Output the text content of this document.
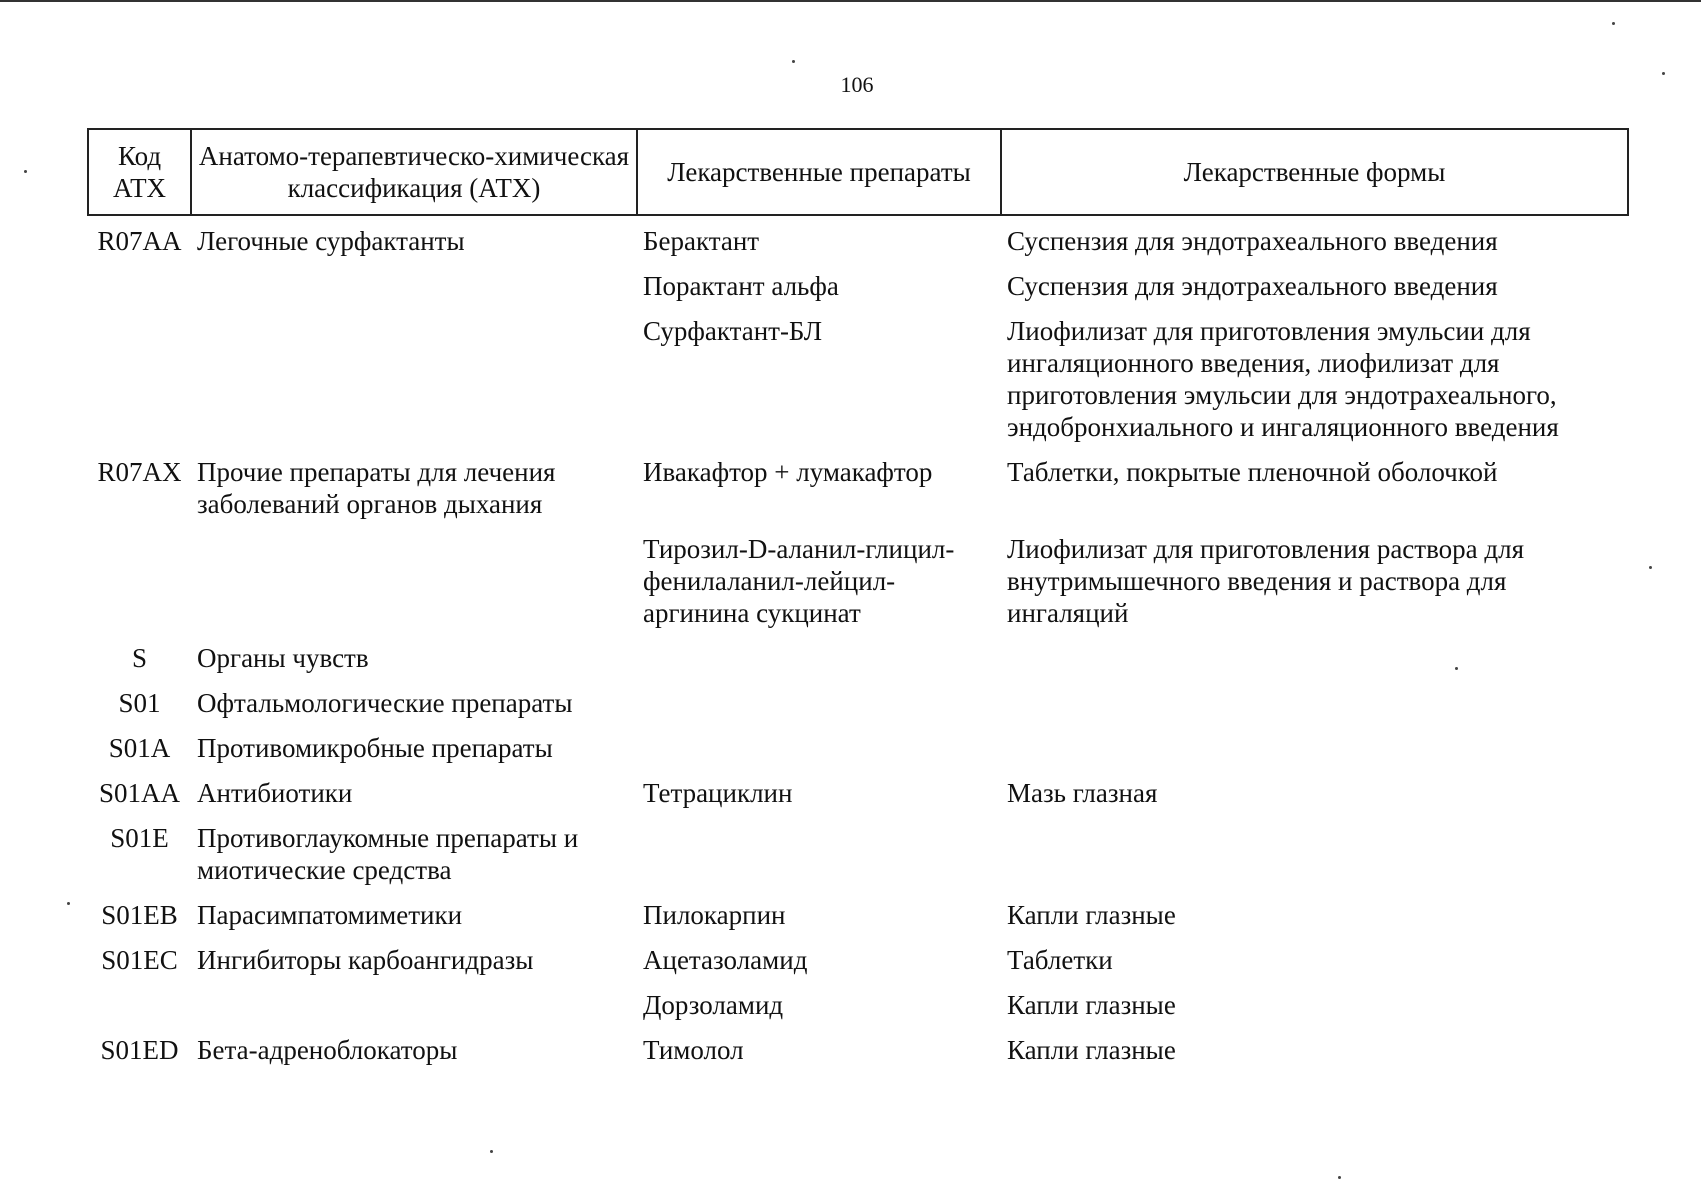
106
Код АТХ	Анатомо-терапевтическо-химическая классификация (АТХ)	Лекарственные препараты	Лекарственные формы
R07AA	Легочные сурфактанты	Берактант	Суспензия для эндотрахеального введения
		Порактант альфа	Суспензия для эндотрахеального введения
		Сурфактант-БЛ	Лиофилизат для приготовления эмульсии для ингаляционного введения, лиофилизат для приготовления эмульсии для эндотрахеального, эндобронхиального и ингаляционного введения
R07AX	Прочие препараты для лечения заболеваний органов дыхания	Ивакафтор + лумакафтор	Таблетки, покрытые пленочной оболочкой
		Тирозил-D-аланил-глицил-фенилаланил-лейцил-аргинина сукцинат	Лиофилизат для приготовления раствора для внутримышечного введения и раствора для ингаляций
S	Органы чувств		
S01	Офтальмологические препараты		
S01A	Противомикробные препараты		
S01AA	Антибиотики	Тетрациклин	Мазь глазная
S01E	Противоглаукомные препараты и миотические средства		
S01EB	Парасимпатомиметики	Пилокарпин	Капли глазные
S01EC	Ингибиторы карбоангидразы	Ацетазоламид	Таблетки
		Дорзоламид	Капли глазные
S01ED	Бета-адреноблокаторы	Тимолол	Капли глазные
